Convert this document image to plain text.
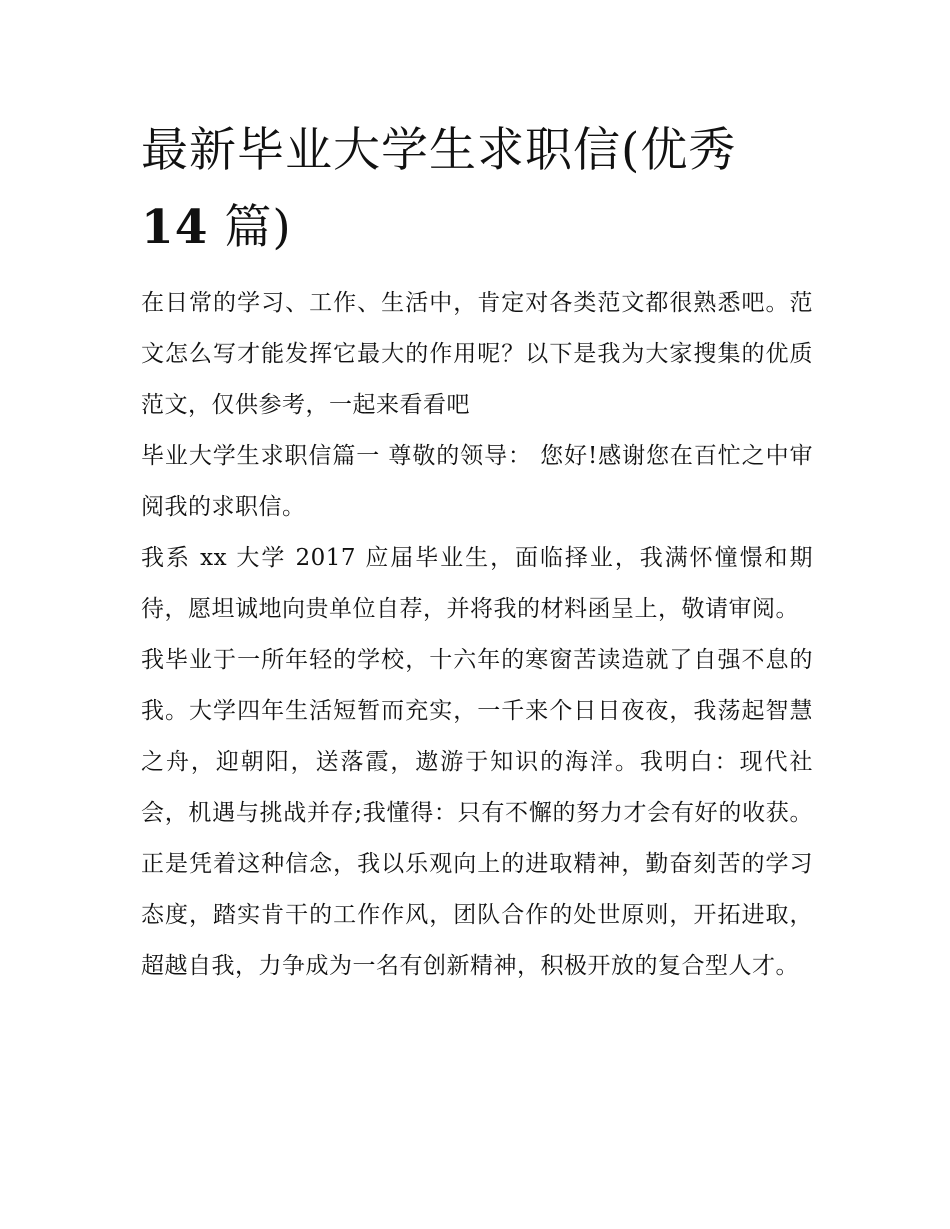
最新毕业大学生求职信(优秀
14 篇)

在日常的学习、工作、生活中，肯定对各类范文都很熟悉吧。范文怎么写才能发挥它最大的作用呢？以下是我为大家搜集的优质范文，仅供参考，一起来看看吧

毕业大学生求职信篇一 尊敬的领导： 您好!感谢您在百忙之中审阅我的求职信。

我系 xx 大学 2017 应届毕业生，面临择业，我满怀憧憬和期待，愿坦诚地向贵单位自荐，并将我的材料函呈上，敬请审阅。

我毕业于一所年轻的学校，十六年的寒窗苦读造就了自强不息的我。大学四年生活短暂而充实，一千来个日日夜夜，我荡起智慧之舟，迎朝阳，送落霞，遨游于知识的海洋。我明白：现代社会，机遇与挑战并存;我懂得：只有不懈的努力才会有好的收获。正是凭着这种信念，我以乐观向上的进取精神，勤奋刻苦的学习态度，踏实肯干的工作作风，团队合作的处世原则，开拓进取，超越自我，力争成为一名有创新精神，积极开放的复合型人才。
